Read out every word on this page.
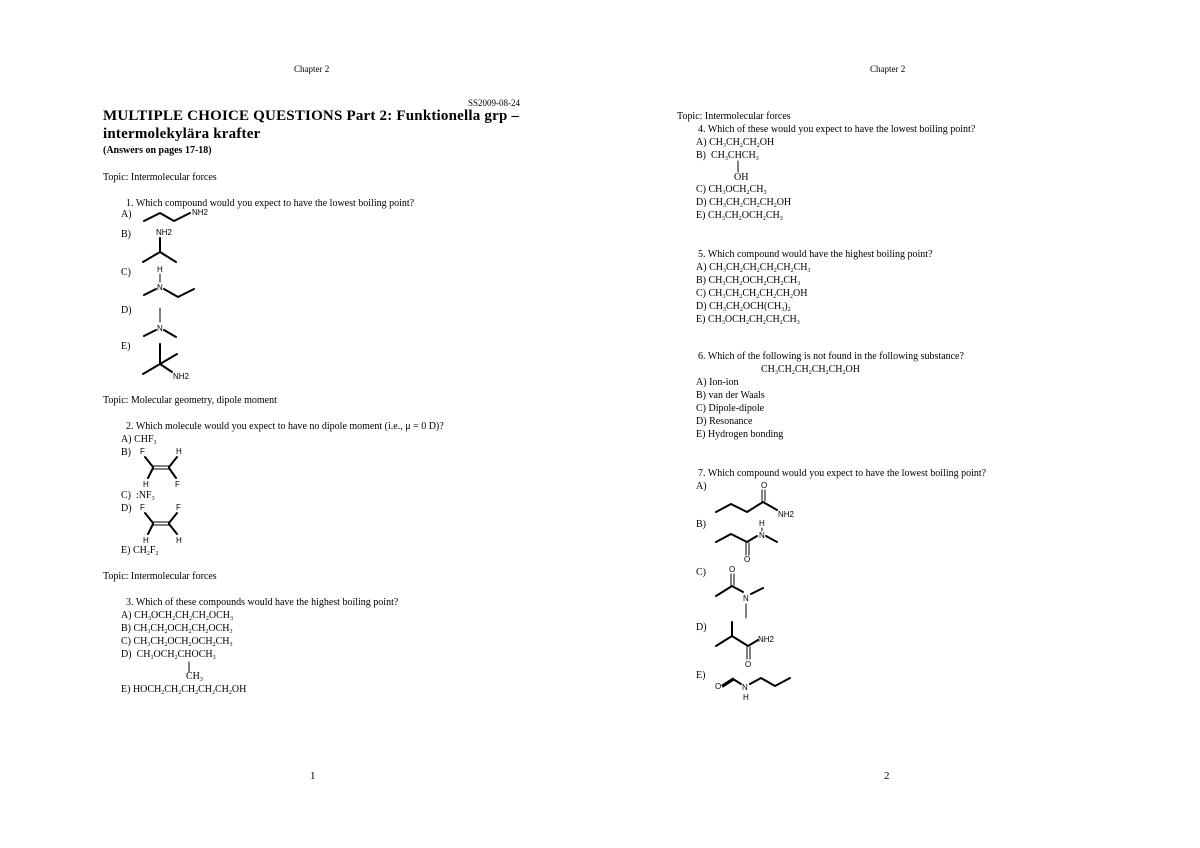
Chapter 2
SS2009-08-24
MULTIPLE CHOICE QUESTIONS Part 2: Funktionella grp –
intermolekylära krafter
(Answers on pages 17-18)
Topic: Intermolecular forces
1. Which compound would you expect to have the lowest boiling point?
A)
B)
C)
D)
E)
NH2
NH2
H
N
N
NH2
Topic: Molecular geometry, dipole moment
2. Which molecule would you expect to have no dipole moment (i.e., μ = 0 D)?
A) $CHF_3$
B) F	H
H	F
C)  $:NF_3$
D) F	F
H	H
E) $CH_2F_2$
Topic: Intermolecular forces
3. Which of these compounds would have the highest boiling point?
A) $CH_3OCH_2CH_2CH_2OCH_3$
B) $CH_3CH_2OCH_2CH_2OCH_3$
C) $CH_3CH_2OCH_2OCH_2CH_3$
D)  $CH_3OCH_2CHOCH_3$
$CH_3$
E) $HOCH_2CH_2CH_2CH_2CH_2OH$
1
Chapter 2
Topic: Intermolecular forces
4. Which of these would you expect to have the lowest boiling point?
A) $CH_3CH_2CH_2OH$
B)  $CH_3CHCH_3$
OH
C) $CH_3OCH_2CH_3$
D) $CH_3CH_2CH_2CH_2OH$
E) $CH_3CH_2OCH_2CH_3$
5. Which compound would have the highest boiling point?
A) $CH_3CH_2CH_2CH_2CH_2CH_3$
B) $CH_3CH_2OCH_2CH_2CH_3$
C) $CH_3CH_2CH_2CH_2CH_2OH$
D) $CH_3CH_2OCH(CH_3)_2$
E) $CH_3OCH_2CH_2CH_2CH_3$
6. Which of the following is not found in the following substance?
$CH_3CH_2CH_2CH_2CH_2OH$
A) Ion-ion
B) van der Waals
C) Dipole-dipole
D) Resonance
E) Hydrogen bonding
7. Which compound would you expect to have the lowest boiling point?
A)
B)
C)
D)
E)
O
NH2
H
N
O
O
N
NH2
O
O	N
H
2
